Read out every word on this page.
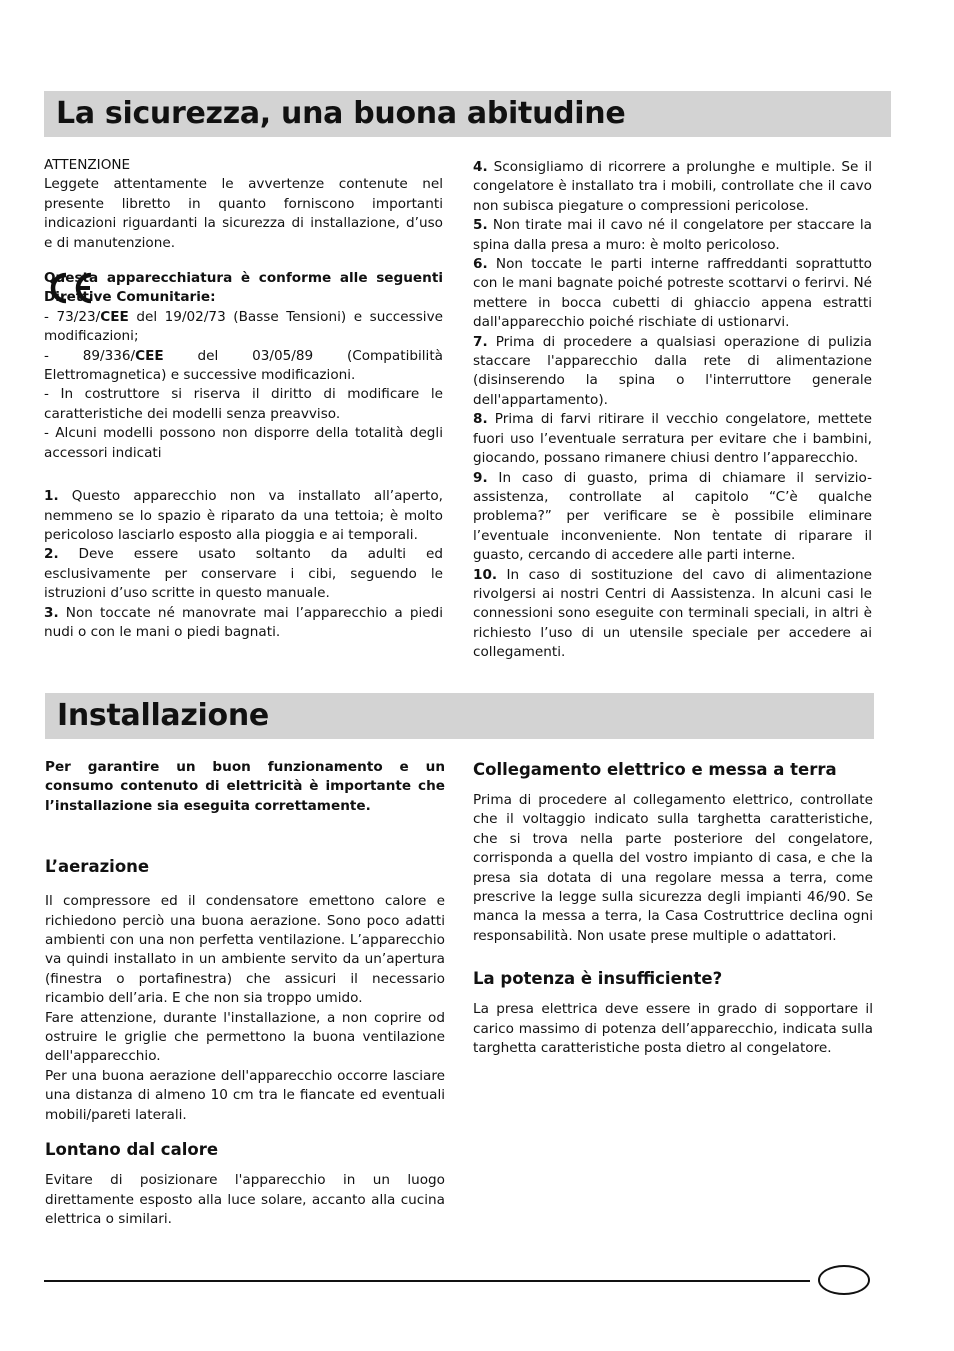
La sicurezza, una buona abitudine

ATTENZIONE

Leggete attentamente le avvertenze contenute nel presente libretto in quanto forniscono importanti indicazioni riguardanti la sicurezza di installazione, d’uso e di manutenzione.

Questa apparecchiatura è conforme alle seguenti Direttive Comunitarie:

- 73/23/CEE del 19/02/73 (Basse Tensioni) e successive modificazioni;

- 89/336/CEE del 03/05/89 (Compatibilità Elettromagnetica) e successive modificazioni.

- In costruttore si riserva il diritto di modificare le caratteristiche dei modelli senza preavviso.

- Alcuni modelli possono non disporre della totalità degli accessori indicati

1. Questo apparecchio non va installato all’aperto, nemmeno se lo spazio è riparato da una tettoia; è molto pericoloso lasciarlo esposto alla pioggia e ai temporali.

2. Deve essere usato soltanto da adulti ed esclusivamente per conservare i cibi, seguendo le istruzioni d’uso scritte in questo manuale.

3. Non toccate né manovrate mai l’apparecchio a piedi nudi o con le mani o piedi bagnati.

4. Sconsigliamo di ricorrere a prolunghe e multiple. Se il congelatore è installato tra i mobili, controllate che il cavo non subisca piegature o compressioni pericolose.

5. Non tirate mai il cavo né il congelatore per staccare la spina dalla presa a muro: è molto pericoloso.

6. Non toccate le parti interne raffreddanti soprattutto con le mani bagnate poiché potreste scottarvi o ferirvi. Né mettere in bocca cubetti di ghiaccio appena estratti dall'apparecchio poiché rischiate di ustionarvi.

7. Prima di procedere a qualsiasi operazione di pulizia staccare l'apparecchio dalla rete di alimentazione (disinserendo la spina o l'interruttore generale dell'appartamento).

8. Prima di farvi ritirare il vecchio congelatore, mettete fuori uso l’eventuale serratura per evitare che i bambini, giocando, possano rimanere chiusi dentro l’apparecchio.

9. In caso di guasto, prima di chiamare il servizio-assistenza, controllate al capitolo “C’è qualche problema?” per verificare se è possibile eliminare l’eventuale inconveniente. Non tentate di riparare il guasto, cercando di accedere alle parti interne.

10. In caso di sostituzione del cavo di alimentazione rivolgersi ai nostri Centri di Aassistenza. In alcuni casi le connessioni sono eseguite con terminali speciali, in altri è richiesto l’uso di un utensile speciale per accedere ai collegamenti.

Installazione

Per garantire un buon funzionamento e un consumo contenuto di elettricità è importante che l’installazione sia eseguita correttamente.

L’aerazione

Il compressore ed il condensatore emettono calore e richiedono perciò una buona aerazione. Sono poco adatti ambienti con una non perfetta ventilazione. L’apparecchio va quindi installato in un ambiente servito da un’apertura (finestra o portafinestra) che assicuri il necessario ricambio dell’aria. E che non sia troppo umido.

Fare attenzione, durante l'installazione, a non coprire od ostruire le griglie che permettono la buona ventilazione dell'apparecchio.

Per una buona aerazione dell'apparecchio occorre lasciare una distanza di almeno 10 cm tra le fiancate ed eventuali mobili/pareti laterali.

Lontano dal calore

Evitare di posizionare l'apparecchio in un luogo direttamente esposto alla luce solare, accanto alla cucina elettrica o similari.

Collegamento elettrico e messa a terra

Prima di procedere al collegamento elettrico, controllate che il voltaggio indicato sulla targhetta caratteristiche, che si trova nella parte posteriore del congelatore, corrisponda a quella del vostro impianto di casa, e che la presa sia dotata di una regolare messa a terra, come prescrive la legge sulla sicurezza degli impianti 46/90. Se manca la messa a terra, la Casa Costruttrice declina ogni responsabilità. Non usate prese multiple o adattatori.

La potenza è insufficiente?

La presa elettrica deve essere in grado di sopportare il carico massimo di potenza dell’apparecchio, indicata sulla targhetta caratteristiche posta dietro al congelatore.
